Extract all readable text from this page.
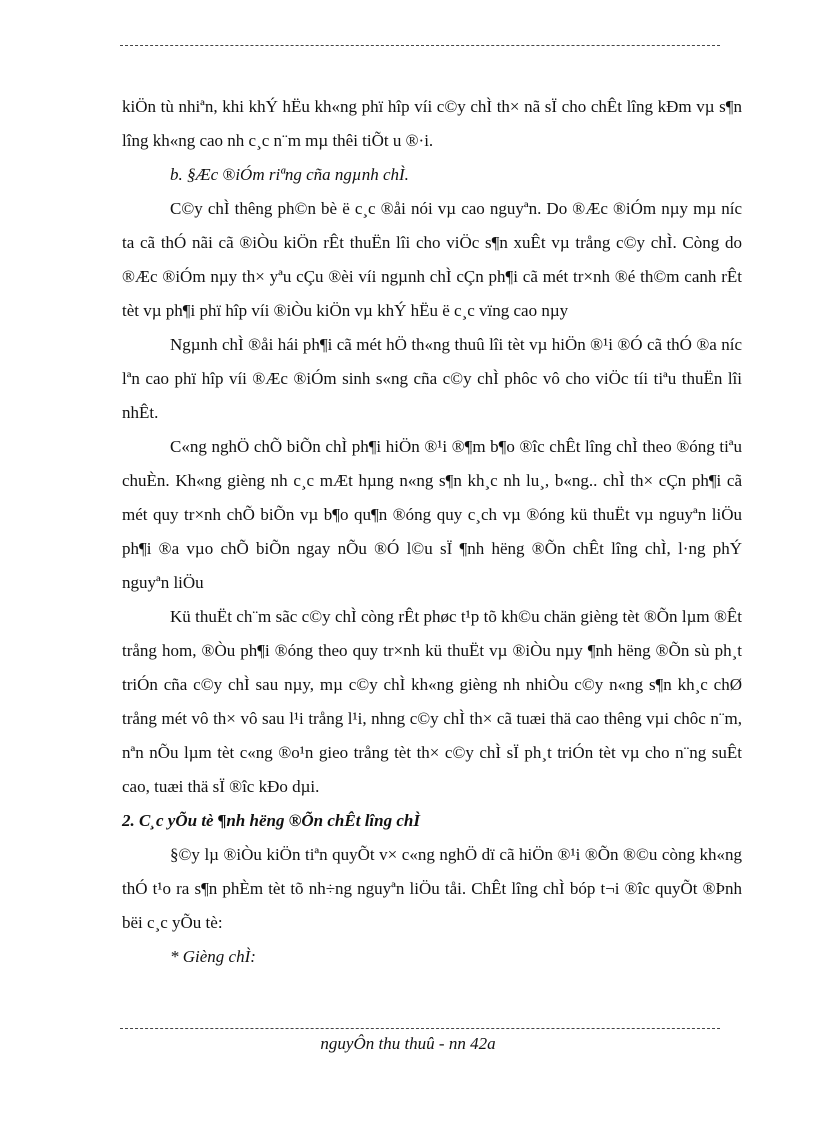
kiÖn tù nhiªn, khi khÝ hËu kh«ng phï hîp víi c©y chÌ th× nã sÏ cho chÊt lîng kÐm vµ s¶n lîng kh«ng cao nh c¸c n¨m mµ thêi tiÕt u ®·i.

b. §Æc ®iÓm riªng cña ngµnh chÌ.

C©y chÌ thêng ph©n bè ë c¸c ®åi nói vµ cao nguyªn. Do ®Æc ®iÓm nµy mµ níc ta cã thÓ nãi cã ®iÒu kiÖn rÊt thuËn lîi cho viÖc s¶n xuÊt vµ trång c©y chÌ. Còng do ®Æc ®iÓm nµy th× yªu cÇu ®èi víi ngµnh chÌ cÇn ph¶i cã mét tr×nh ®é th©m canh rÊt tèt vµ ph¶i phï hîp víi ®iÒu kiÖn vµ khÝ hËu ë c¸c vïng cao nµy

Ngµnh chÌ ®åi hái ph¶i cã mét hÖ th«ng thuû lîi tèt vµ hiÖn ®¹i ®Ó cã thÓ ®a níc lªn cao phï hîp víi ®Æc ®iÓm sinh s«ng cña c©y chÌ phôc vô cho viÖc tíi tiªu thuËn lîi nhÊt.

C«ng nghÖ chÕ biÕn chÌ ph¶i hiÖn ®¹i ®¶m b¶o ®îc chÊt lîng chÌ theo ®óng tiªu chuÈn. Kh«ng gièng nh c¸c mÆt hµng n«ng s¶n kh¸c nh lu¸, b«ng.. chÌ th× cÇn ph¶i cã mét quy tr×nh chÕ biÕn vµ b¶o qu¶n ®óng quy c¸ch vµ ®óng kü thuËt vµ nguyªn liÖu ph¶i ®a vµo chÕ biÕn ngay nÕu ®Ó l©u sÏ ¶nh hëng ®Õn chÊt lîng chÌ, l·ng phÝ nguyªn liÖu

Kü thuËt ch¨m sãc c©y chÌ còng rÊt phøc t¹p tõ kh©u chän gièng tèt ®Õn lµm ®Êt trång hom, ®Òu ph¶i ®óng theo quy tr×nh kü thuËt vµ ®iÒu nµy ¶nh hëng ®Õn sù ph¸t triÓn cña c©y chÌ sau nµy, mµ c©y chÌ kh«ng gièng nh nhiÒu c©y n«ng s¶n kh¸c chØ trång mét vô th× vô sau l¹i trång l¹i, nhng c©y chÌ th× cã tuæi thä cao thêng vµi chôc n¨m, nªn nÕu lµm tèt c«ng ®o¹n gieo trång tèt th× c©y chÌ sÏ ph¸t triÓn tèt vµ cho n¨ng suÊt cao, tuæi thä sÏ ®îc kÐo dµi.

2. C¸c yÕu tè ¶nh hëng ®Õn chÊt lîng chÌ

§©y lµ ®iÒu kiÖn tiªn quyÕt v× c«ng nghÖ dï cã hiÖn ®¹i ®Õn ®©u còng kh«ng thÓ t¹o ra s¶n phÈm tèt tõ nh÷ng nguyªn liÖu tåi. ChÊt lîng chÌ bóp t¬i ®îc quyÕt ®Þnh bëi c¸c yÕu tè:

* Gièng chÌ:

nguyÔn thu thuû - nn 42a
